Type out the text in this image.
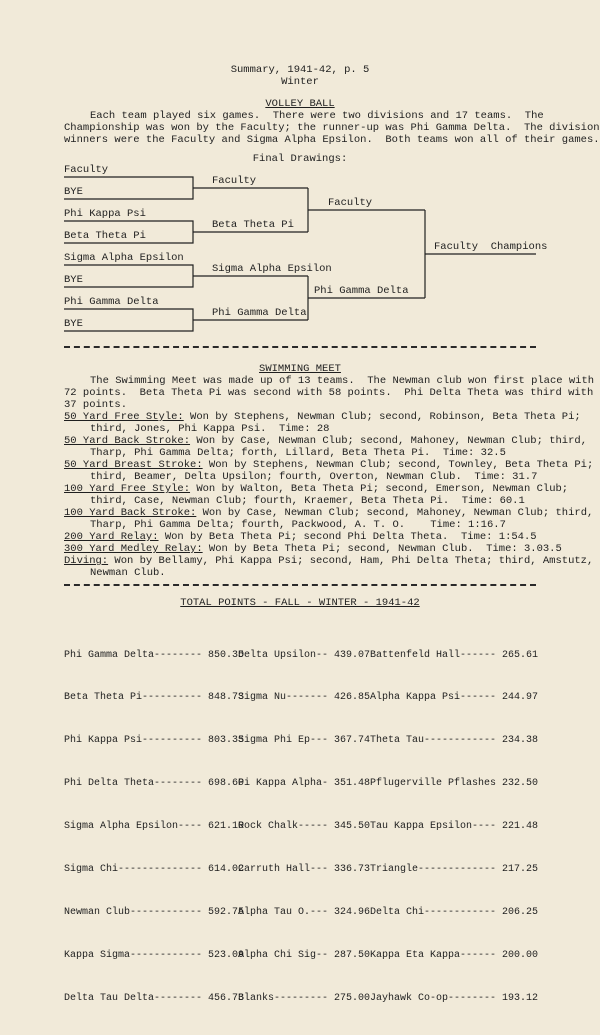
Summary, 1941-42, p. 5
Winter
VOLLEY BALL
Each team played six games.  There were two divisions and 17 teams.  The
Championship was won by the Faculty; the runner-up was Phi Gamma Delta.  The division
winners were the Faculty and Sigma Alpha Epsilon.  Both teams won all of their games.
Final Drawings:
Faculty
BYE
Phi Kappa Psi
Beta Theta Pi
Sigma Alpha Epsilon
BYE
Phi Gamma Delta
BYE
Faculty
Beta Theta Pi
Sigma Alpha Epsilon
Phi Gamma Delta
Faculty
Phi Gamma Delta
Faculty  Champions
SWIMMING MEET
The Swimming Meet was made up of 13 teams.  The Newman club won first place with
72 points.  Beta Theta Pi was second with 58 points.  Phi Delta Theta was third with
37 points.
50 Yard Free Style: Won by Stephens, Newman Club; second, Robinson, Beta Theta Pi;
third, Jones, Phi Kappa Psi.  Time: 28
50 Yard Back Stroke: Won by Case, Newman Club; second, Mahoney, Newman Club; third,
Tharp, Phi Gamma Delta; forth, Lillard, Beta Theta Pi.  Time: 32.5
50 Yard Breast Stroke: Won by Stephens, Newman Club; second, Townley, Beta Theta Pi;
third, Beamer, Delta Upsilon; fourth, Overton, Newman Club.  Time: 31.7
100 Yard Free Style: Won by Walton, Beta Theta Pi; second, Emerson, Newman Club;
third, Case, Newman Club; fourth, Kraemer, Beta Theta Pi.  Time: 60.1
100 Yard Back Stroke: Won by Case, Newman Club; second, Mahoney, Newman Club; third,
Tharp, Phi Gamma Delta; fourth, Packwood, A. T. O.    Time: 1:16.7
200 Yard Relay: Won by Beta Theta Pi; second Phi Delta Theta.  Time: 1:54.5
300 Yard Medley Relay: Won by Beta Theta Pi; second, Newman Club.  Time: 3.03.5
Diving: Won by Bellamy, Phi Kappa Psi; second, Ham, Phi Delta Theta; third, Amstutz,
Newman Club.
TOTAL POINTS - FALL - WINTER - 1941-42

Phi Gamma Delta-------- 850.35

Beta Theta Pi---------- 848.73

Phi Kappa Psi---------- 803.35

Phi Delta Theta-------- 698.60

Sigma Alpha Epsilon---- 621.10

Sigma Chi-------------- 614.02

Newman Club------------ 592.75

Kappa Sigma------------ 523.09

Delta Tau Delta-------- 456.73

Delta Upsilon-- 439.07

Sigma Nu------- 426.85

Sigma Phi Ep--- 367.74

Pi Kappa Alpha- 351.48

Rock Chalk----- 345.50

Carruth Hall--- 336.73

Alpha Tau O.--- 324.96

Alpha Chi Sig-- 287.50

Blanks--------- 275.00

Battenfeld Hall------ 265.61

Alpha Kappa Psi------ 244.97

Theta Tau------------ 234.38

Pflugerville Pflashes 232.50

Tau Kappa Epsilon---- 221.48

Triangle------------- 217.25

Delta Chi------------ 206.25

Kappa Eta Kappa------ 200.00

Jayhawk Co-op-------- 193.12
